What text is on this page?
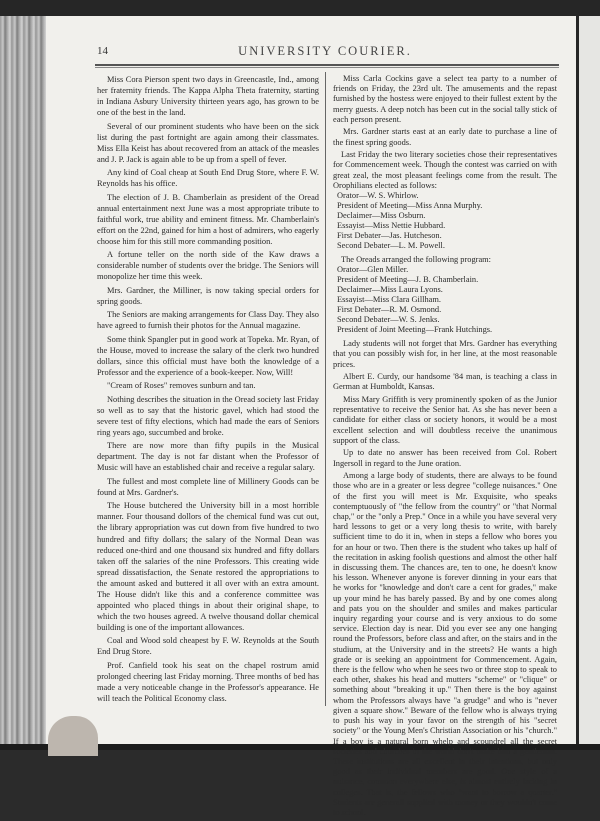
14	UNIVERSITY COURIER.

Miss Cora Pierson spent two days in Greencastle, Ind., among her fraternity friends. The Kappa Alpha Theta fraternity, starting in Indiana Asbury University thirteen years ago, has grown to be one of the best in the land.

Several of our prominent students who have been on the sick list during the past fortnight are again among their classmates. Miss Ella Keist has about recovered from an attack of the measles and J. P. Jack is again able to be up from a spell of fever.

Any kind of Coal cheap at South End Drug Store, where F. W. Reynolds has his office.

The election of J. B. Chamberlain as president of the Oread annual entertainment next June was a most appropriate tribute to faithful work, true ability and eminent fitness. Mr. Chamberlain's effort on the 22nd, gained for him a host of admirers, who eagerly choose him for this still more commanding position.

A fortune teller on the north side of the Kaw draws a considerable number of students over the bridge. The Seniors will monopolize her time this week.

Mrs. Gardner, the Milliner, is now taking special orders for spring goods.

The Seniors are making arrangements for Class Day. They also have agreed to furnish their photos for the Annual magazine.

Some think Spangler put in good work at Topeka. Mr. Ryan, of the House, moved to increase the salary of the clerk two hundred dollars, since this official must have both the knowledge of a Professor and the experience of a book-keeper. Now, Will!

"Cream of Roses" removes sunburn and tan.

Nothing describes the situation in the Oread society last Friday so well as to say that the historic gavel, which had stood the severe test of fifty elections, which had made the ears of Seniors ring years ago, succumbed and broke.

There are now more than fifty pupils in the Musical department. The day is not far distant when the Professor of Music will have an established chair and receive a regular salary.

The fullest and most complete line of Millinery Goods can be found at Mrs. Gardner's.

The House butchered the University bill in a most horrible manner. Four thousand dollors of the chemical fund was cut out, the library appropriation was cut down from five hundred to two hundred and fifty dollars; the salary of the Normal Dean was reduced one-third and one thousand six hundred and fifty dollars taken off the salaries of the nine Professors. This creating wide spread dissatisfaction, the Senate restored the appropriations to the amount asked and buttered it all over with an extra amount. The House didn't like this and a conference committee was appointed who placed things in about their original shape, to which the two houses agreed. A twelve thousand dollar chemical building is one of the important allowances.

Coal and Wood sold cheapest by F. W. Reynolds at the South End Drug Store.

Prof. Canfield took his seat on the chapel rostrum amid prolonged cheering last Friday morning. Three months of bed has made a very noticeable change in the Professor's appearance. He will teach the Political Economy class.

Miss Carla Cockins gave a select tea party to a number of friends on Friday, the 23rd ult. The amusements and the repast furnished by the hostess were enjoyed to their fullest extent by the merry guests. A deep notch has been cut in the social tally stick of each person present.

Mrs. Gardner starts east at an early date to purchase a line of the finest spring goods.

Last Friday the two literary societies chose their representatives for Commencement week. Though the contest was carried on with great zeal, the most pleasant feelings come from the result. The Orophilians elected as follows:

Orator—W. S. Whirlow.
President of Meeting—Miss Anna Murphy.
Declaimer—Miss Osburn.
Essayist—Miss Nettie Hubbard.
First Debater—Jas. Hutcheson.
Second Debater—L. M. Powell.

The Oreads arranged the following program:

Orator—Glen Miller.
President of Meeting—J. B. Chamberlain.
Declaimer—Miss Laura Lyons.
Essayist—Miss Clara Gillham.
First Debater—R. M. Osmond.
Second Debater—W. S. Jenks.
President of Joint Meeting—Frank Hutchings.

Lady students will not forget that Mrs. Gardner has everything that you can possibly wish for, in her line, at the most reasonable prices.

Albert E. Curdy, our handsome '84 man, is teaching a class in German at Humboldt, Kansas.

Miss Mary Griffith is very prominently spoken of as the Junior representative to receive the Senior hat. As she has never been a candidate for either class or society honors, it would be a most excellent selection and will doubtless receive the unanimous support of the class.

Up to date no answer has been received from Col. Robert Ingersoll in regard to the June oration.

Among a large body of students, there are always to be found those who are in a greater or less degree "college nuisances." One of the first you will meet is Mr. Exquisite, who speaks contemptuously of "the fellow from the country" or "that Normal chap," or the "only a Prep." Once in a while you have several very hard lessons to get or a very long thesis to write, with barely sufficient time to do it in, when in steps a fellow who bores you for an hour or two. Then there is the student who takes up half of the recitation in asking foolish questions and almost the other half in discussing them. The chances are, ten to one, he doesn't know his lesson. Whenever anyone is forever dinning in your ears that he works for "knowledge and don't care a cent for grades," make up your mind he has barely passed. By and by one comes along and pats you on the shoulder and smiles and makes particular inquiry regarding your course and is very anxious to do some service. Election day is near. Did you ever see any one hanging round the Professors, before class and after, on the stairs and in the studium, at the University and in the streets? He wants a high grade or is seeking an appointment for Commencement. Again, there is the fellow who when he sees two or three stop to speak to each other, shakes his head and mutters "scheme" or "clique" or something about "breaking it up." Then there is the boy against whom the Professors always have "a grudge" and who is "never given a square show." Beware of the fellow who is always trying to push his way in your favor on the strength of his "secret society" or the Young Men's Christian Association or his "church." If a boy is a natural born whelp and scoundrel all the secret societies and churches in the world don't make him a gentleman. These institutions are all excellent in their intentions, but only good as their individual members are good. One style of a nuisance, common everywhere else, is almost entirely lacking in colleges. That is, the fellows who "want to borrow a quarter." Students are generall supplied with money or they wouldn't come to school.
